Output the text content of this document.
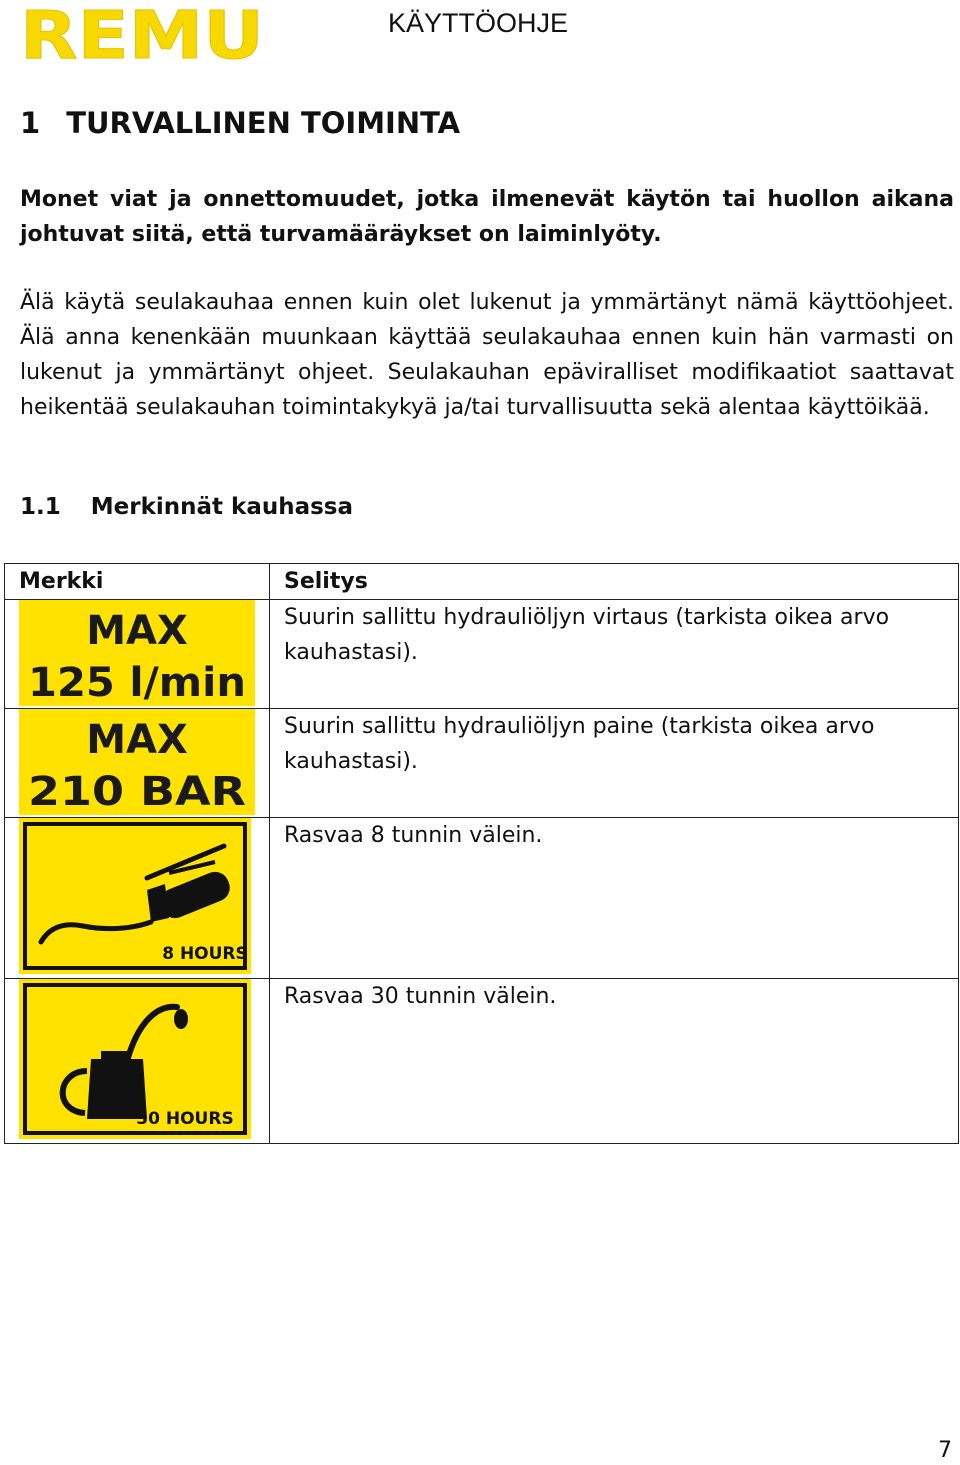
REMU	KÄYTTÖOHJE
1 TURVALLINEN TOIMINTA

Monet viat ja onnettomuudet, jotka ilmenevät käytön tai huollon aikana johtuvat siitä, että turvamääräykset on laiminlyöty.

Älä käytä seulakauhaa ennen kuin olet lukenut ja ymmärtänyt nämä käyttöohjeet. Älä anna kenenkään muunkaan käyttää seulakauhaa ennen kuin hän varmasti on lukenut ja ymmärtänyt ohjeet. Seulakauhan epäviralliset modifikaatiot saattavat heikentää seulakauhan toimintakykyä ja/tai turvallisuutta sekä alentaa käyttöikää.

1.1 Merkinnät kauhassa
Merkki	Selitys

MAX
125 l/min	Suurin sallittu hydrauliöljyn virtaus (tarkista oikea arvo kauhastasi).

MAX
210 BAR	Suurin sallittu hydrauliöljyn paine (tarkista oikea arvo kauhastasi).

8 HOURS	Rasvaa 8 tunnin välein.

30 HOURS	Rasvaa 30 tunnin välein.
7
